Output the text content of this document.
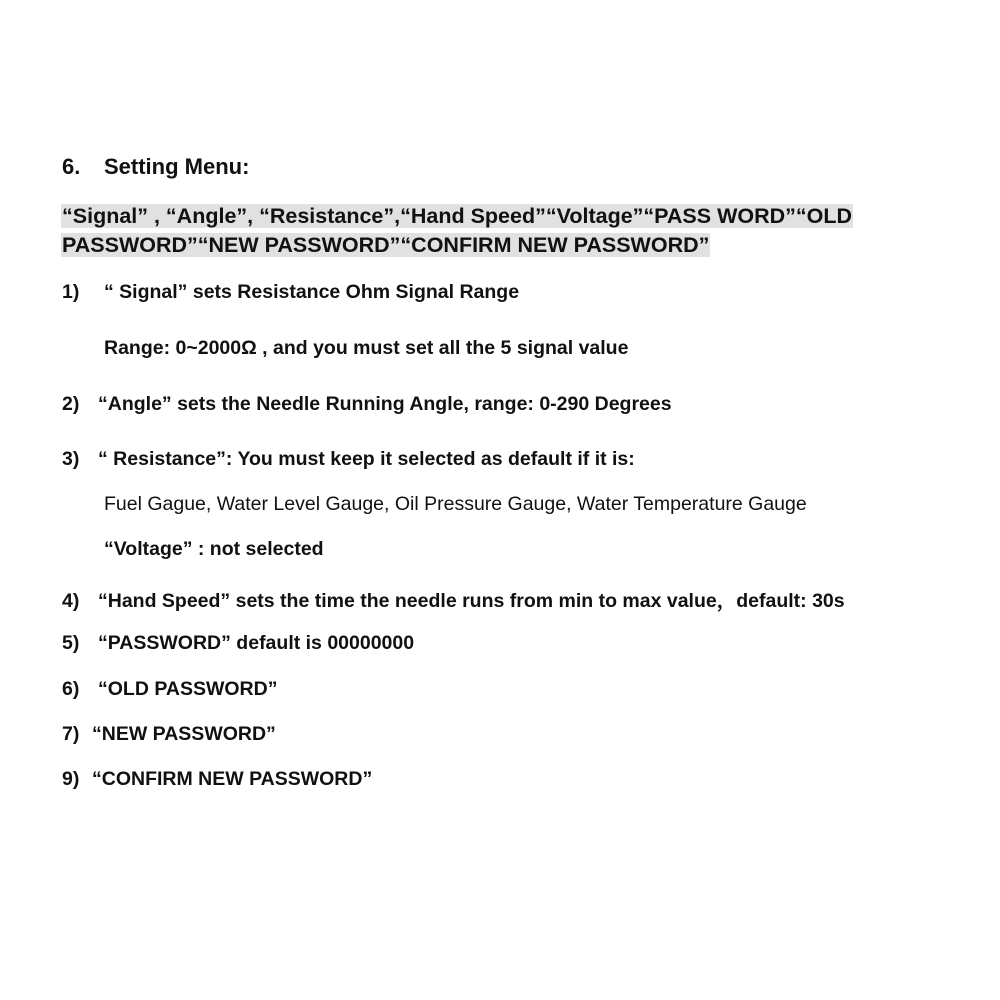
6. Setting Menu:
“Signal” , “Angle”, “Resistance”,“Hand Speed”“Voltage”“PASS WORD”“OLD
PASSWORD”“NEW PASSWORD”“CONFIRM NEW PASSWORD”
1) “ Signal” sets Resistance Ohm Signal Range
Range: 0~2000Ω , and you must set all the 5 signal value
2) “Angle” sets the Needle Running Angle, range: 0-290 Degrees
3) “ Resistance”: You must keep it selected as default if it is:
Fuel Gague, Water Level Gauge, Oil Pressure Gauge, Water Temperature Gauge
“Voltage” : not selected
4) “Hand Speed” sets the time the needle runs from min to max value，default: 30s
5) “PASSWORD” default is 00000000
6) “OLD PASSWORD”
7) “NEW PASSWORD”
9) “CONFIRM NEW PASSWORD”
